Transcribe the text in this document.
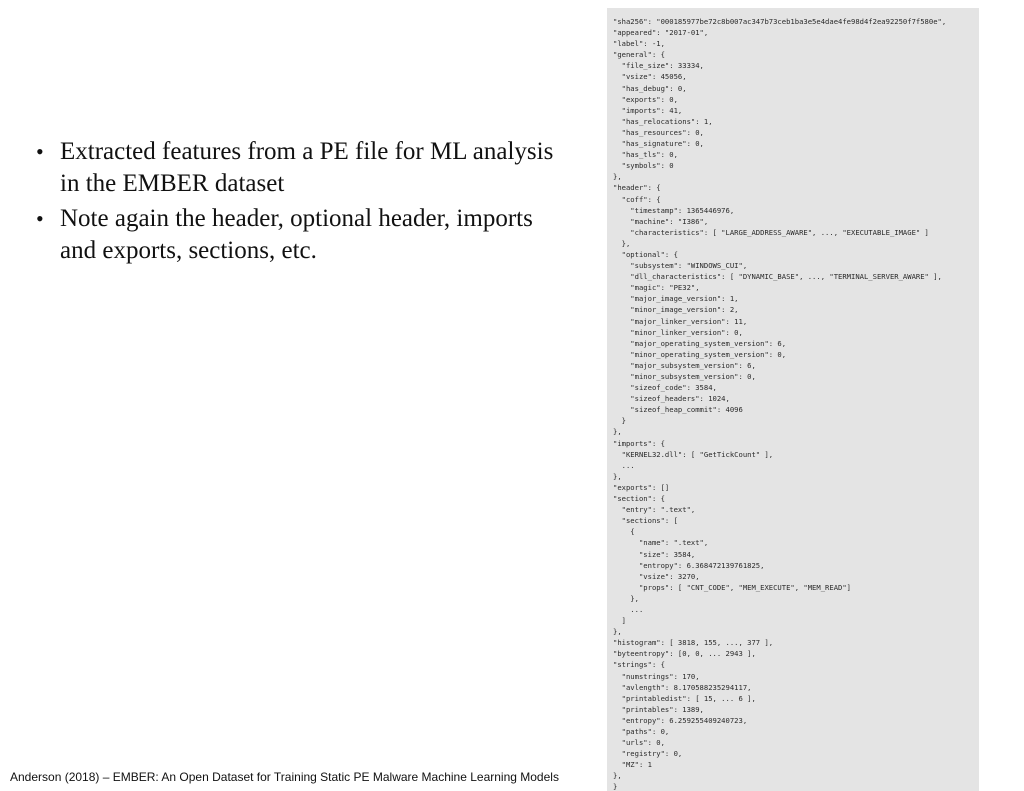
• Extracted features from a PE file for ML analysis in the EMBER dataset
• Note again the header, optional header, imports and exports, sections, etc.
"sha256": "000185977be72c8b007ac347b73ceb1ba3e5e4dae4fe98d4f2ea92250f7f580e",
"appeared": "2017-01",
"label": -1,
"general": {
"file_size": 33334,
"vsize": 45056,
"has_debug": 0,
"exports": 0,
"imports": 41,
"has_relocations": 1,
"has_resources": 0,
"has_signature": 0,
"has_tls": 0,
"symbols": 0
},
"header": {
"coff": {
"timestamp": 1365446976,
"machine": "I386",
"characteristics": [ "LARGE_ADDRESS_AWARE", ..., "EXECUTABLE_IMAGE" ]
},
"optional": {
"subsystem": "WINDOWS_CUI",
"dll_characteristics": [ "DYNAMIC_BASE", ..., "TERMINAL_SERVER_AWARE" ],
"magic": "PE32",
"major_image_version": 1,
"minor_image_version": 2,
"major_linker_version": 11,
"minor_linker_version": 0,
"major_operating_system_version": 6,
"minor_operating_system_version": 0,
"major_subsystem_version": 6,
"minor_subsystem_version": 0,
"sizeof_code": 3584,
"sizeof_headers": 1024,
"sizeof_heap_commit": 4096
}
},
"imports": {
"KERNEL32.dll": [ "GetTickCount" ],
...
},
"exports": []
"section": {
"entry": ".text",
"sections": [
{
"name": ".text",
"size": 3584,
"entropy": 6.368472139761825,
"vsize": 3270,
"props": [ "CNT_CODE", "MEM_EXECUTE", "MEM_READ"]
},
...
]
},
"histogram": [ 3818, 155, ..., 377 ],
"byteentropy": [0, 0, ... 2943 ],
"strings": {
"numstrings": 170,
"avlength": 8.170588235294117,
"printabledist": [ 15, ... 6 ],
"printables": 1389,
"entropy": 6.259255409240723,
"paths": 0,
"urls": 0,
"registry": 0,
"MZ": 1
},
}

Anderson (2018) – EMBER: An Open Dataset for Training Static PE Malware Machine Learning Models
